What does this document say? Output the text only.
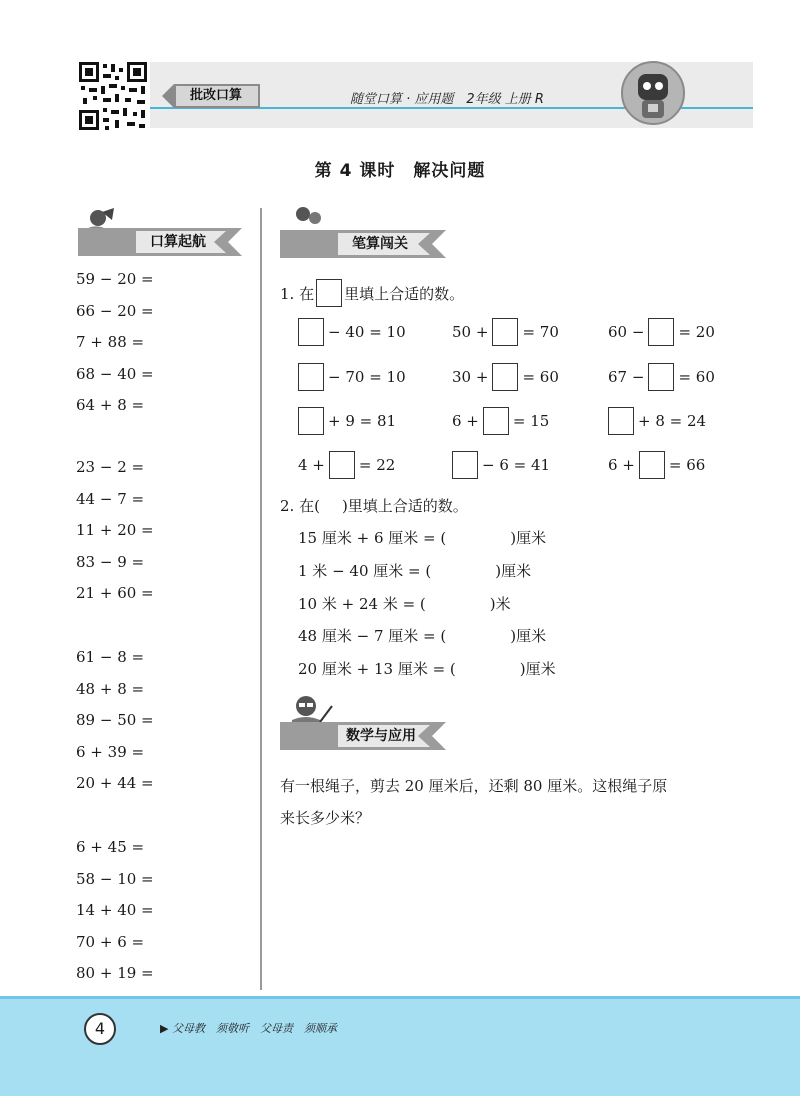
批改口算	随堂口算 · 应用题　2年级 上册 R
第 4 课时　解决问题
口算起航
59 − 20 =
66 − 20 =
7 + 88 =
68 − 40 =
64 + 8 =
23 − 2 =
44 − 7 =
11 + 20 =
83 − 9 =
21 + 60 =
61 − 8 =
48 + 8 =
89 − 50 =
6 + 39 =
20 + 44 =
6 + 45 =
58 − 10 =
14 + 40 =
70 + 6 =
80 + 19 =
笔算闯关
1. 在 里填上合适的数。
− 40 = 10	50 + = 70	60 − = 20
− 70 = 10	30 + = 60	67 − = 60
+ 9 = 81	6 + = 15	+ 8 = 24
4 + = 22	− 6 = 41	6 + = 66
2. 在( )里填上合适的数。
15 厘米 + 6 厘米 = (	)厘米
1 米 − 40 厘米 = (	)厘米
10 米 + 24 米 = (	)米
48 厘米 − 7 厘米 = (	)厘米
20 厘米 + 13 厘米 = (	)厘米
数学与应用
有一根绳子，剪去 20 厘米后，还剩 80 厘米。这根绳子原
来长多少米？
4	▶ 父母教　须敬听　父母责　须顺承
